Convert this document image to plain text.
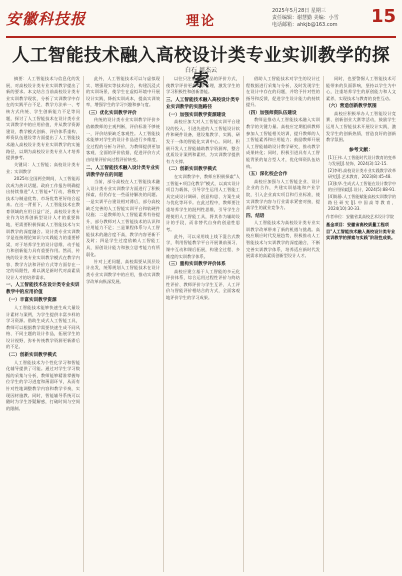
安徽科技报	理论
2025年5月28日 星期三
责任编辑：谢慧勤 美编：小雪
电话邮箱：ahkjb@163.com	15
人工智能技术融入高校设计类专业实训教学的探索
白石 周杰云

摘要：人工智能技术与信息化的发展，对高校设计类专业实训教学提出了新的要求。本文结合当前高校设计类专业实训教学现状，分析了实训教学中存在的实践平台不足、教学方法单一、考核方式传统、学生创新能力不足等问题，探讨了人工智能技术在设计类专业实训教学中的应用价值，并从教学资源建设、教学模式创新、评价体系重构、师资队伍建设等方面提出了人工智能技术融入高校设计类专业实训教学的实施路径，以期为高校设计类专业人才培养提供参考。

关键词：人工智能；高校设计类专业；实训教学

2025年全国两会期间，人工智能再次成为热议话题。政府工作报告明确提出持续推进"人工智能+"行动，将数字技术与制造优势、市场优势更好结合起来。在这一背景下，人工智能技术在教育领域的应用日益广泛，高校设计类专业作为培养创新型设计人才的重要阵地，更需要积极探索人工智能技术与实训教学的深度融合。设计类专业实训教学是连接理论知识与实践能力的重要桥梁，对于培养学生的设计思维、动手能力和创新能力具有重要作用。然而，传统的设计类专业实训教学模式在教学内容、教学方法和评价方式等方面存在一定的局限性，难以满足新时代对高素质设计人才的培养需求。

一、人工智能技术在设计类专业实训教学中的应用价值
（一）丰富实训教学资源

人工智能技术能够快速生成大量设计素材与案例，为学生提供丰富多样的学习资源。借助生成式人工智能工具，教师可以根据教学需要快速生成不同风格、不同主题的设计作品，拓展学生的设计视野，弥补传统教学资源更新滞后的不足。

（二）创新实训教学模式

人工智能技术为个性化学习和智能化辅导提供了可能。通过对学生学习数据的采集与分析，教师能够精准掌握每位学生的学习进度和薄弱环节，从而有针对性地调整教学内容和教学节奏，实现因材施教。同时，智能辅导系统可以随时为学生答疑解惑，打破时间与空间的限制。

此外，人工智能技术可以与虚拟现实、增强现实等技术结合，构建沉浸式的实训场景，使学生在虚拟环境中开展设计实践，降低实训成本，提高实训效率，增强学生的学习兴趣和参与度。

（三）优化实训教学评价

传统的设计类专业实训教学评价多依赖教师的主观判断，评价标准不够统一，评价结果缺乏客观性。人工智能技术能够对学生的设计作品进行多维度、全过程的分析与评价，为教师提供更加客观、全面的评价依据，促进评价方式由结果评价向过程评价转变。

二、人工智能技术融入设计类专业实训教学存在的问题

当前，部分高校在人工智能技术融入设计类专业实训教学方面进行了积极探索，但仍存在一些亟待解决的问题。一是实训平台建设相对滞后，部分高校缺乏完善的人工智能实训平台和软硬件设施；二是教师的人工智能素养有待提升，部分教师对人工智能技术的认识和应用能力不足；三是课程体系与人工智能技术的融合度不高，教学内容更新不及时；四是学生过度依赖人工智能工具，原创设计能力和独立思考能力有所弱化。

针对上述问题，高校需要从顶层设计出发，统筹规划人工智能技术在设计类专业实训教学中的应用，推动实训教学改革向纵深发展。

以往只注重最终作品的评价方式，使教学评价更加科学合理，激发学生的学习积极性和创新潜能。

三、人工智能技术融入高校设计类专业实训教学的实施路径
（一）加强实训教学资源建设

高校应加大对人工智能实训平台建设的投入，引进先进的人工智能设计软件和硬件设备，建设集教学、实践、研发于一体的智能化实训中心。同时，积极开发人工智能辅助教学资源库，整合优质设计案例和素材，为实训教学提供有力支撑。

（二）创新实训教学模式

在实训教学中，教师应积极探索"人工智能+项目化教学"模式，以真实设计项目为载体，引导学生运用人工智能工具完成设计调研、创意构思、方案生成与优化等环节。在此过程中，教师要注重培养学生的批判性思维，引导学生合理使用人工智能工具，将其作为辅助设计的手段，而非替代自身的创造性思考。

此外，可以采用线上线下混合式教学，利用智能教学平台开展课前预习、课中互动和课后拓展，构建全过程、多维度的实训教学体系。

（三）重构实训教学评价体系

高校应建立基于人工智能的多元化评价体系，综合运用过程性评价与终结性评价、教师评价与学生互评、人工评价与智能评价相结合的方式，全面客观地评价学生的学习成果。

借助人工智能技术对学生的设计过程数据进行采集与分析，及时发现学生在设计中存在的问题，并给予针对性的指导和反馈，促进学生设计能力的持续提升。

（四）加强师资队伍建设

教师是推动人工智能技术融入实训教学的关键力量。高校应定期组织教师参加人工智能相关培训，提升教师的人工智能素养和应用能力；鼓励教师开展人工智能辅助设计教学研究，推动教学成果转化；同时，积极引进具有人工智能背景的复合型人才，优化师资队伍结构。

（五）深化校企合作

高校应加强与人工智能企业、设计企业的合作，共建实训基地和产业学院，引入企业真实项目和行业标准，使实训教学内容与行业需求紧密对接，提高学生的就业竞争力。

四、结语

人工智能技术为高校设计类专业实训教学改革带来了新的机遇与挑战。高校应顺应时代发展趋势，积极推动人工智能技术与实训教学的深度融合，不断完善实训教学体系，培养适应新时代发展需求的高素质创新型设计人才。

同时，也要警惕人工智能技术可能带来的负面影响，坚持以学生为中心，注重培养学生的原创能力和人文素养，实现技术与教育的良性互动。

（六）营造创新教学氛围

高校应积极举办人工智能设计竞赛、创新创业大赛等活动，鼓励学生运用人工智能技术开展设计实践，激发学生的创新热情，营造良好的创新教学氛围。

参考文献：

[1]王伟.人工智能时代设计教育的变革与发展[J].装饰，2024(3):12-15.

[2]李明.高校设计类专业实践教学改革研究[J].艺术教育，2023(8):45-48.

[3]张华.生成式人工智能在设计教学中的应用探索[J].设计，2024(5):88-91.

[4]陈静.人工智能赋能高校实训教学的路径研究[J].中国高等教育，2024(10):30-33.

作者单位：安徽省某高校艺术设计学院
基金项目：安徽省高校质量工程项目"人工智能技术融入高校设计类专业实训教学的探索与实践"阶段性成果。
